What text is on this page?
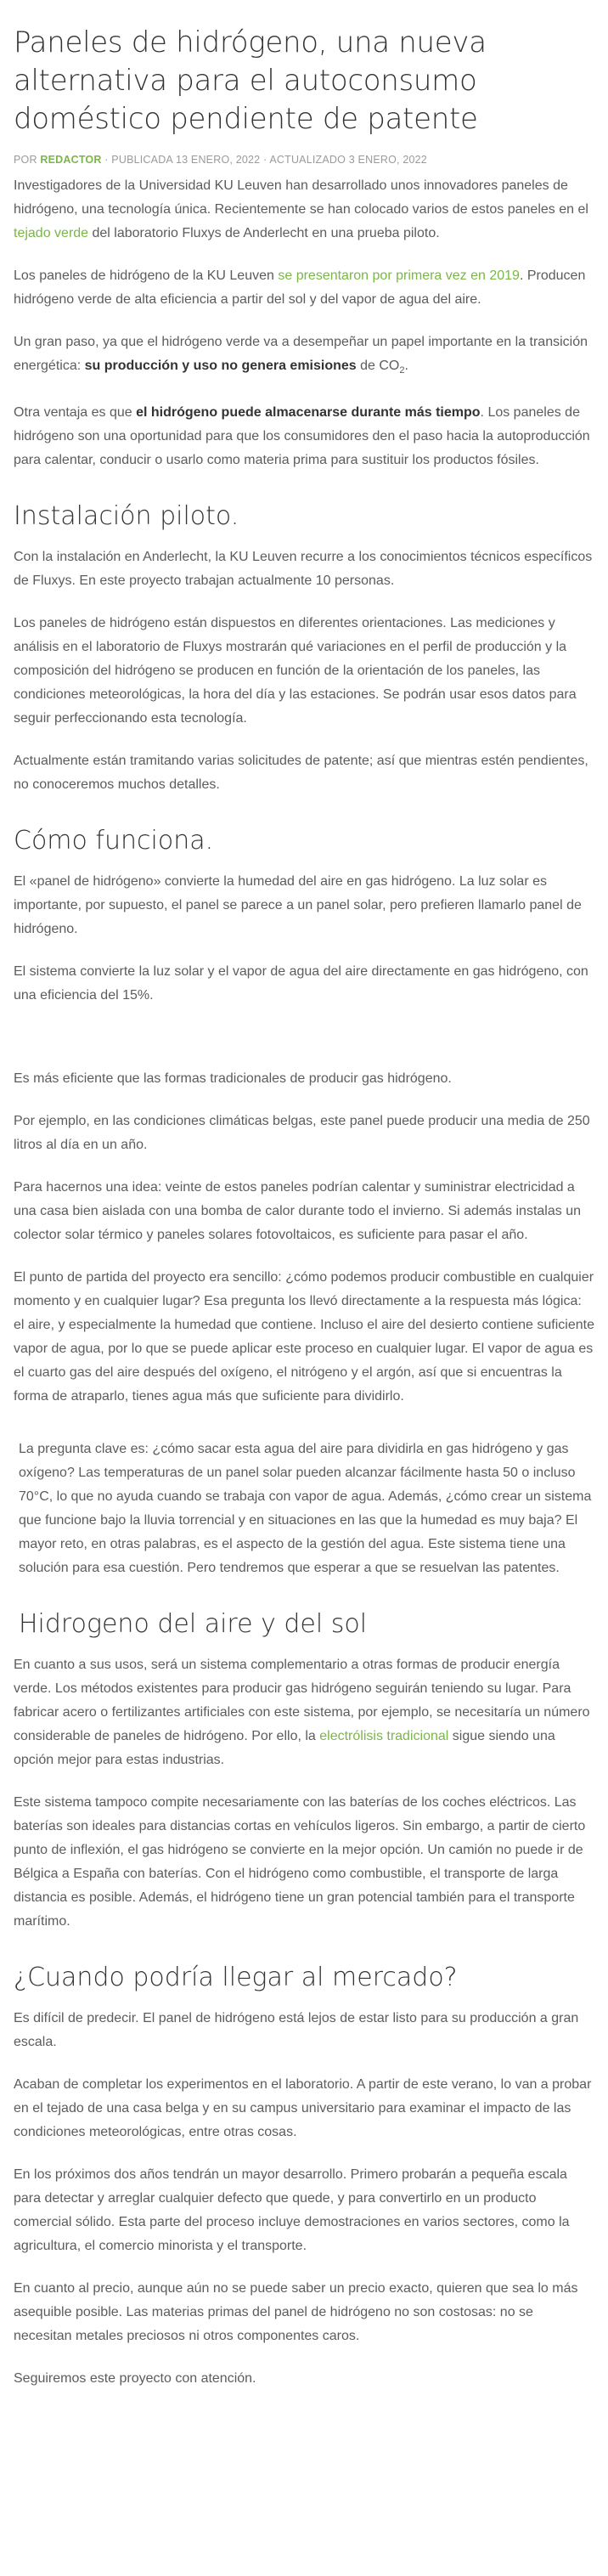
Paneles de hidrógeno, una nueva alternativa para el autoconsumo doméstico pendiente de patente
POR REDACTOR · PUBLICADA 13 ENERO, 2022 · ACTUALIZADO 3 ENERO, 2022

Investigadores de la Universidad KU Leuven han desarrollado unos innovadores paneles de hidrógeno, una tecnología única. Recientemente se han colocado varios de estos paneles en el tejado verde del laboratorio Fluxys de Anderlecht en una prueba piloto.

Los paneles de hidrógeno de la KU Leuven se presentaron por primera vez en 2019. Producen hidrógeno verde de alta eficiencia a partir del sol y del vapor de agua del aire.

Un gran paso, ya que el hidrógeno verde va a desempeñar un papel importante en la transición energética: su producción y uso no genera emisiones de $CO_2$.

Otra ventaja es que el hidrógeno puede almacenarse durante más tiempo. Los paneles de hidrógeno son una oportunidad para que los consumidores den el paso hacia la autoproducción para calentar, conducir o usarlo como materia prima para sustituir los productos fósiles.

Instalación piloto.

Con la instalación en Anderlecht, la KU Leuven recurre a los conocimientos técnicos específicos de Fluxys. En este proyecto trabajan actualmente 10 personas.

Los paneles de hidrógeno están dispuestos en diferentes orientaciones. Las mediciones y análisis en el laboratorio de Fluxys mostrarán qué variaciones en el perfil de producción y la composición del hidrógeno se producen en función de la orientación de los paneles, las condiciones meteorológicas, la hora del día y las estaciones. Se podrán usar esos datos para seguir perfeccionando esta tecnología.

Actualmente están tramitando varias solicitudes de patente; así que mientras estén pendientes, no conoceremos muchos detalles.

Cómo funciona.

El «panel de hidrógeno» convierte la humedad del aire en gas hidrógeno. La luz solar es importante, por supuesto, el panel se parece a un panel solar, pero prefieren llamarlo panel de hidrógeno.

El sistema convierte la luz solar y el vapor de agua del aire directamente en gas hidrógeno, con una eficiencia del 15%.

Es más eficiente que las formas tradicionales de producir gas hidrógeno.

Por ejemplo, en las condiciones climáticas belgas, este panel puede producir una media de 250 litros al día en un año.

Para hacernos una idea: veinte de estos paneles podrían calentar y suministrar electricidad a una casa bien aislada con una bomba de calor durante todo el invierno. Si además instalas un colector solar térmico y paneles solares fotovoltaicos, es suficiente para pasar el año.

El punto de partida del proyecto era sencillo: ¿cómo podemos producir combustible en cualquier momento y en cualquier lugar? Esa pregunta los llevó directamente a la respuesta más lógica: el aire, y especialmente la humedad que contiene. Incluso el aire del desierto contiene suficiente vapor de agua, por lo que se puede aplicar este proceso en cualquier lugar. El vapor de agua es el cuarto gas del aire después del oxígeno, el nitrógeno y el argón, así que si encuentras la forma de atraparlo, tienes agua más que suficiente para dividirlo.

La pregunta clave es: ¿cómo sacar esta agua del aire para dividirla en gas hidrógeno y gas oxígeno? Las temperaturas de un panel solar pueden alcanzar fácilmente hasta 50 o incluso 70°C, lo que no ayuda cuando se trabaja con vapor de agua. Además, ¿cómo crear un sistema que funcione bajo la lluvia torrencial y en situaciones en las que la humedad es muy baja? El mayor reto, en otras palabras, es el aspecto de la gestión del agua. Este sistema tiene una solución para esa cuestión. Pero tendremos que esperar a que se resuelvan las patentes.

Hidrogeno del aire y del sol

En cuanto a sus usos, será un sistema complementario a otras formas de producir energía verde. Los métodos existentes para producir gas hidrógeno seguirán teniendo su lugar. Para fabricar acero o fertilizantes artificiales con este sistema, por ejemplo, se necesitaría un número considerable de paneles de hidrógeno. Por ello, la electrólisis tradicional sigue siendo una opción mejor para estas industrias.

Este sistema tampoco compite necesariamente con las baterías de los coches eléctricos. Las baterías son ideales para distancias cortas en vehículos ligeros. Sin embargo, a partir de cierto punto de inflexión, el gas hidrógeno se convierte en la mejor opción. Un camión no puede ir de Bélgica a España con baterías. Con el hidrógeno como combustible, el transporte de larga distancia es posible. Además, el hidrógeno tiene un gran potencial también para el transporte marítimo.

¿Cuando podría llegar al mercado?

Es difícil de predecir. El panel de hidrógeno está lejos de estar listo para su producción a gran escala.

Acaban de completar los experimentos en el laboratorio. A partir de este verano, lo van a probar en el tejado de una casa belga y en su campus universitario para examinar el impacto de las condiciones meteorológicas, entre otras cosas.

En los próximos dos años tendrán un mayor desarrollo. Primero probarán a pequeña escala para detectar y arreglar cualquier defecto que quede, y para convertirlo en un producto comercial sólido. Esta parte del proceso incluye demostraciones en varios sectores, como la agricultura, el comercio minorista y el transporte.

En cuanto al precio, aunque aún no se puede saber un precio exacto, quieren que sea lo más asequible posible. Las materias primas del panel de hidrógeno no son costosas: no se necesitan metales preciosos ni otros componentes caros.

Seguiremos este proyecto con atención.
